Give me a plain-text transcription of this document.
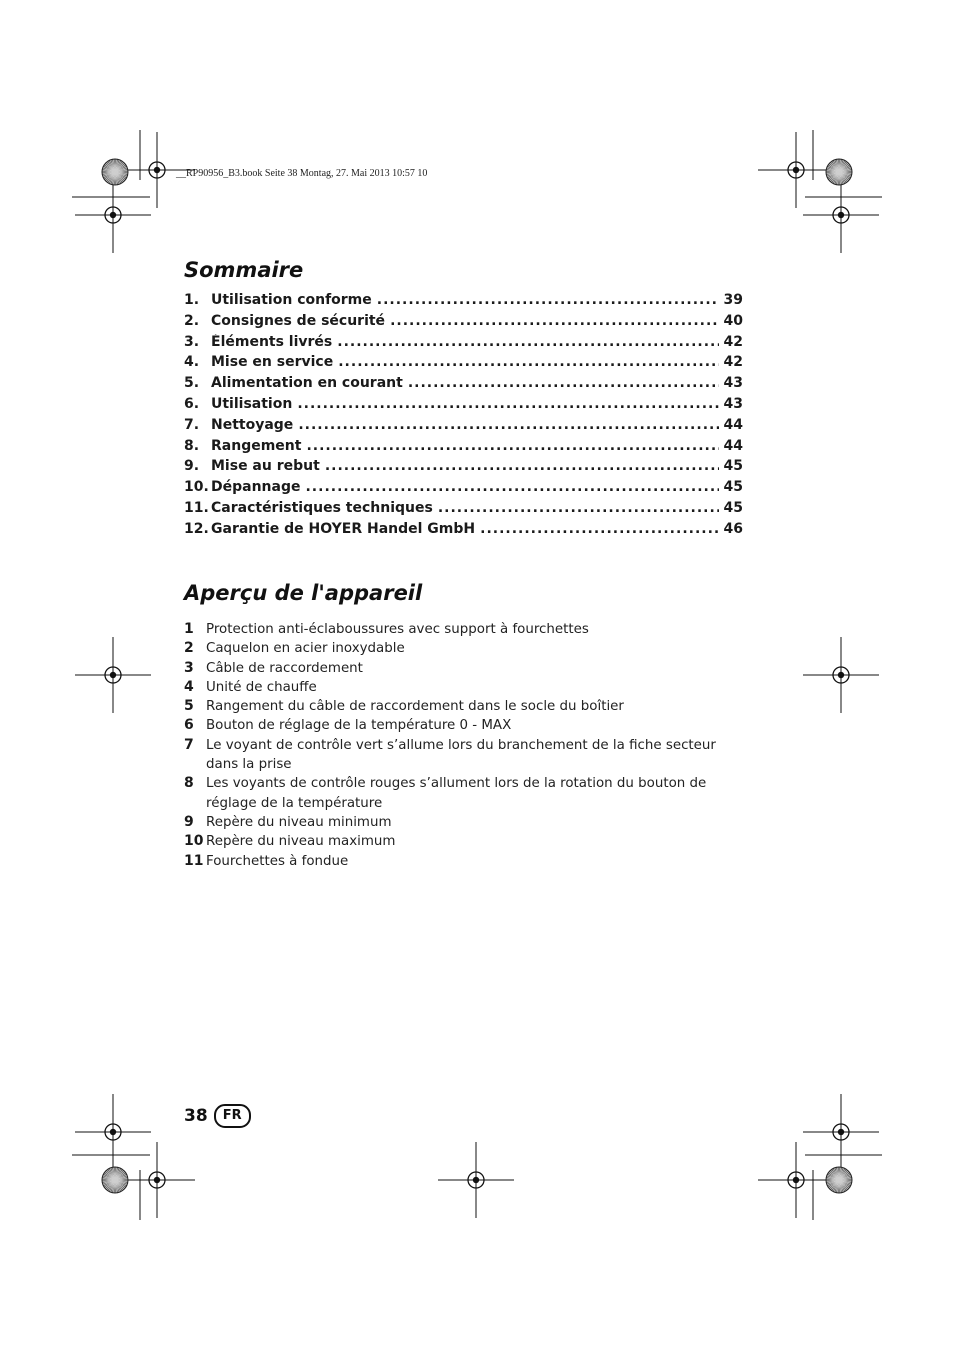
__RP90956_B3.book Seite 38 Montag, 27. Mai 2013 10:57 10
Sommaire
1. Utilisation conforme .....	39
2. Consignes de sécurité .....	40
3. Éléments livrés .....	42
4. Mise en service .....	42
5. Alimentation en courant .....	43
6. Utilisation .....	43
7. Nettoyage .....	44
8. Rangement .....	44
9. Mise au rebut .....	45
10. Dépannage .....	45
11. Caractéristiques techniques .....	45
12. Garantie de HOYER Handel GmbH .....	46
Aperçu de l'appareil
1 Protection anti-éclaboussures avec support à fourchettes
2 Caquelon en acier inoxydable
3 Câble de raccordement
4 Unité de chauffe
5 Rangement du câble de raccordement dans le socle du boîtier
6 Bouton de réglage de la température 0 - MAX
7 Le voyant de contrôle vert s’allume lors du branchement de la fiche secteur dans la prise
8 Les voyants de contrôle rouges s’allument lors de la rotation du bouton de réglage de la température
9 Repère du niveau minimum
10 Repère du niveau maximum
11 Fourchettes à fondue
38	FR
